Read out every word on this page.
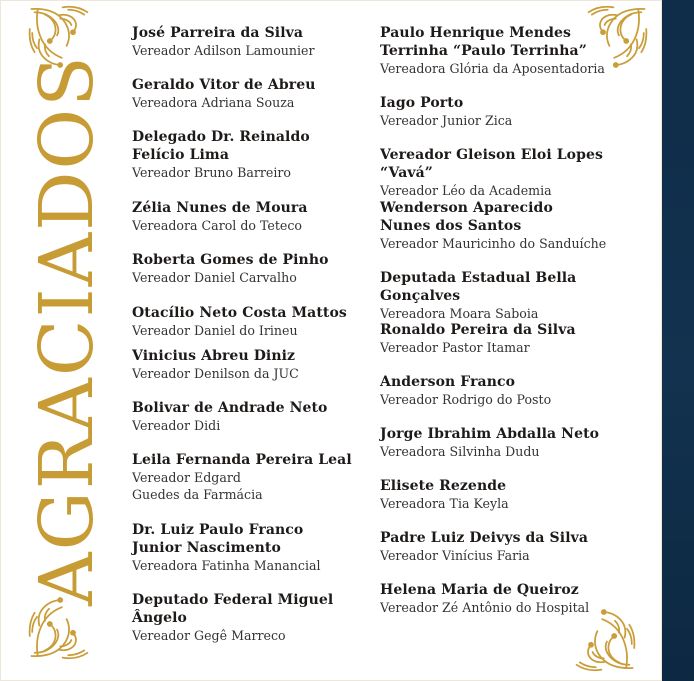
AGRACIADOS
José Parreira da Silva
Vereador Adilson Lamounier
Geraldo Vitor de Abreu
Vereadora Adriana Souza
Delegado Dr. Reinaldo
Felício Lima
Vereador Bruno Barreiro
Zélia Nunes de Moura
Vereadora Carol do Teteco
Roberta Gomes de Pinho
Vereador Daniel Carvalho
Otacílio Neto Costa Mattos
Vereador Daniel do Irineu
Vinicius Abreu Diniz
Vereador Denilson da JUC
Bolivar de Andrade Neto
Vereador Didi
Leila Fernanda Pereira Leal
Vereador Edgard
Guedes da Farmácia
Dr. Luiz Paulo Franco
Junior Nascimento
Vereadora Fatinha Manancial
Deputado Federal Miguel Ângelo
Vereador Gegê Marreco
Paulo Henrique Mendes
Terrinha “Paulo Terrinha”
Vereadora Glória da Aposentadoria
Iago Porto
Vereador Junior Zica
Vereador Gleison Eloi Lopes “Vavá”
Vereador Léo da Academia
Wenderson Aparecido
Nunes dos Santos
Vereador Mauricinho do Sanduíche
Deputada Estadual Bella Gonçalves
Vereadora Moara Saboia
Ronaldo Pereira da Silva
Vereador Pastor Itamar
Anderson Franco
Vereador Rodrigo do Posto
Jorge Ibrahim Abdalla Neto
Vereadora Silvinha Dudu
Elisete Rezende
Vereadora Tia Keyla
Padre Luiz Deivys da Silva
Vereador Vinícius Faria
Helena Maria de Queiroz
Vereador Zé Antônio do Hospital
